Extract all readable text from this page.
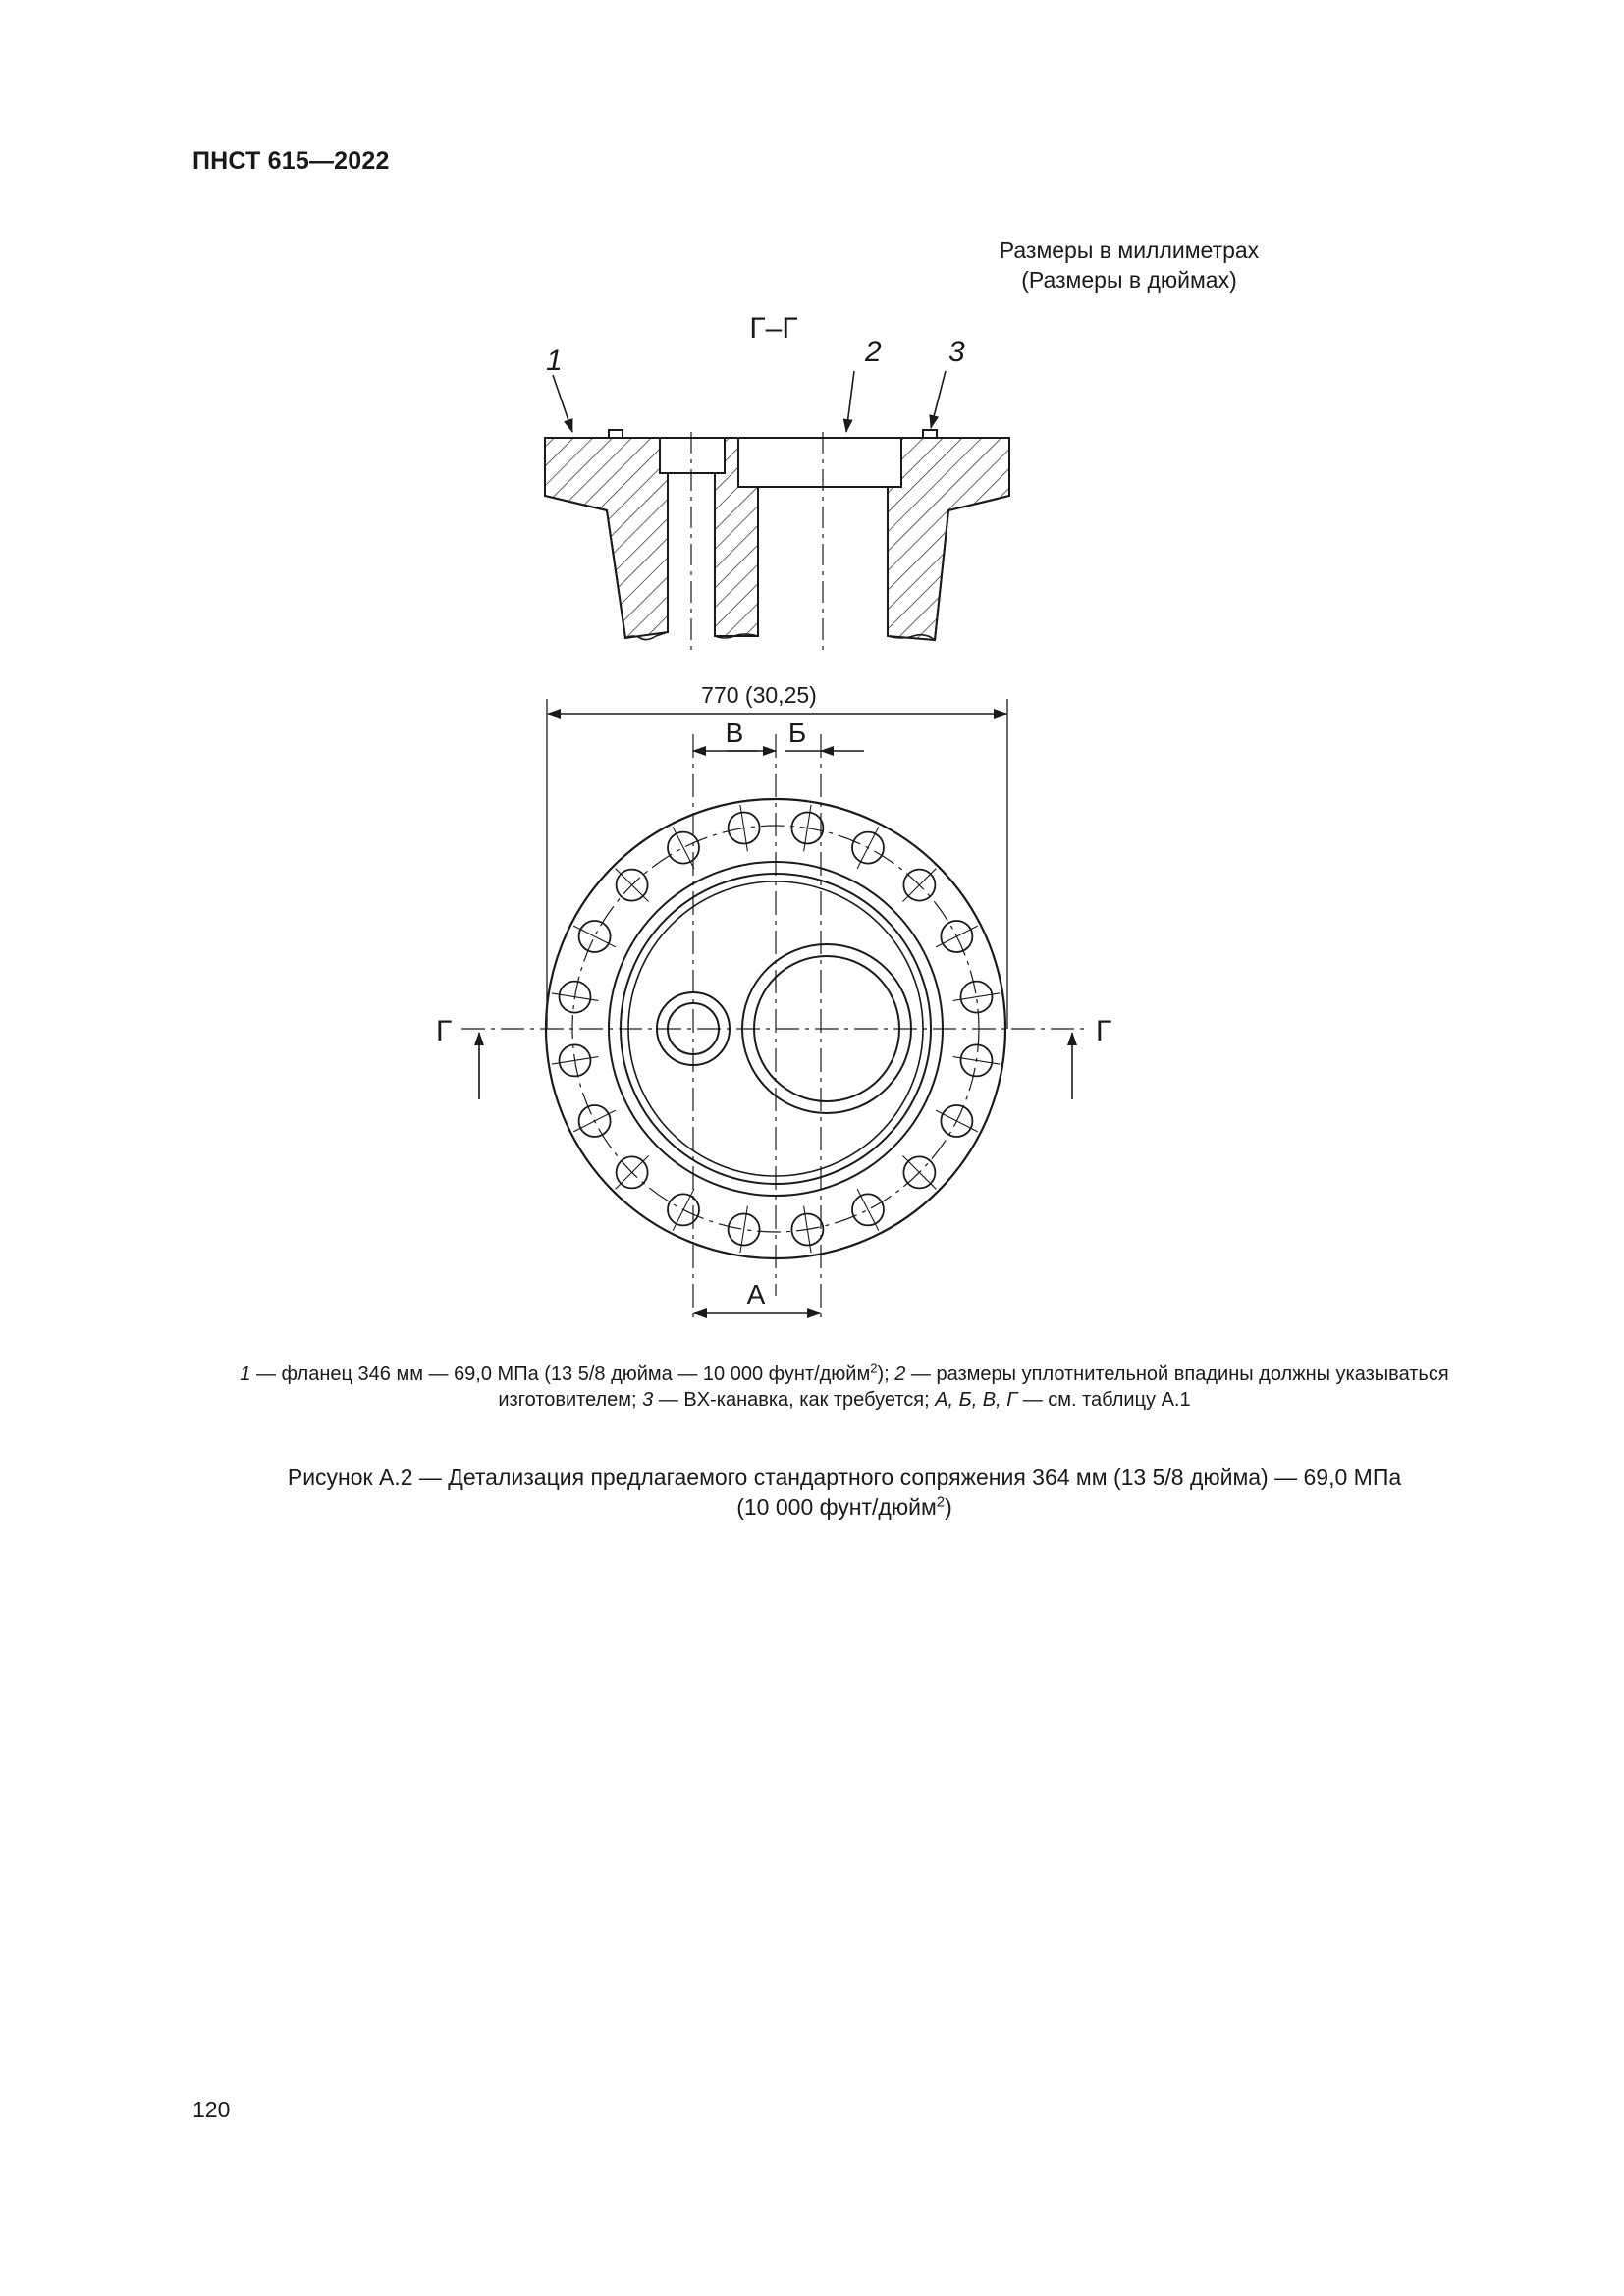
ПНСТ 615—2022
Размеры в миллиметрах
(Размеры в дюймах)
Г–Г
1	2 3
770 (30,25)
В Б
А
Г	Г
1 — фланец 346 мм — 69,0 МПа (13 5/8 дюйма — 10 000 фунт/дюйм$^2$); 2 — размеры уплотнительной впадины должны указываться изготовителем; 3 — BX-канавка, как требуется; А, Б, В, Г — см. таблицу А.1
Рисунок А.2 — Детализация предлагаемого стандартного сопряжения 364 мм (13 5/8 дюйма) — 69,0 МПа
(10 000 фунт/дюйм$^2$)
120
